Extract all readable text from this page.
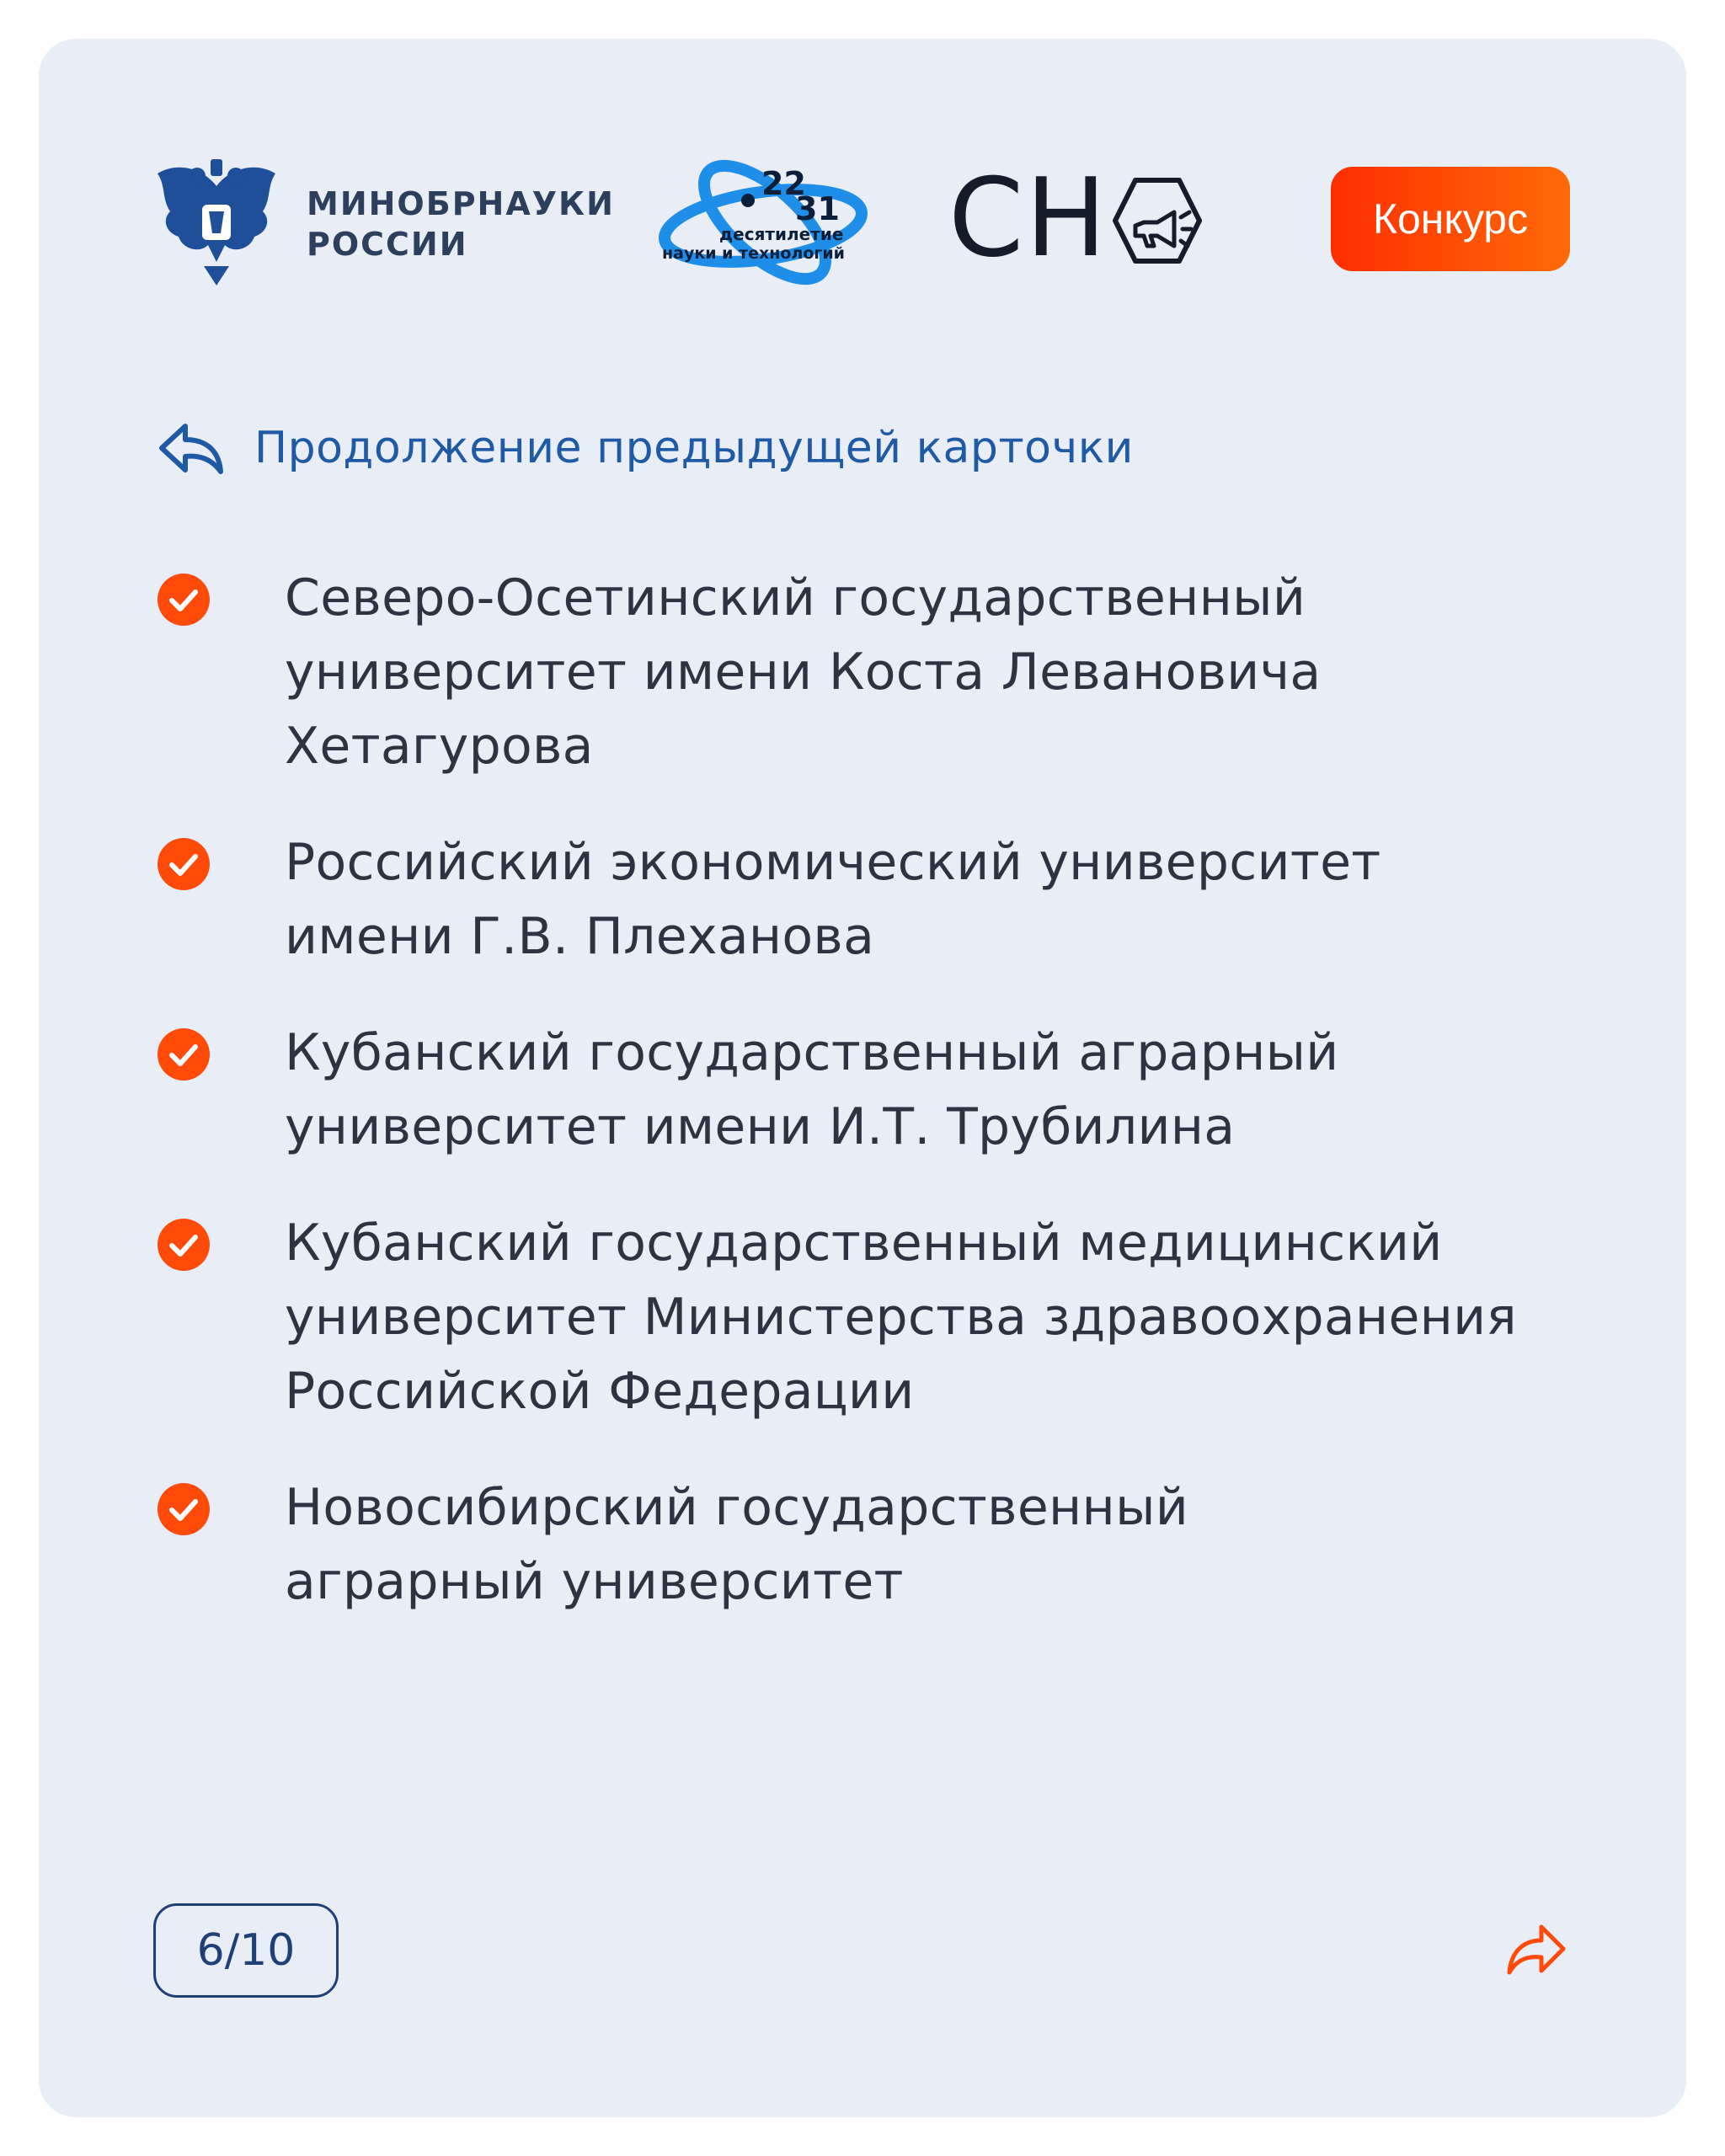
МИНОБРНАУКИ
РОССИИ
22
31
десятилетие
науки и технологий СН	Конкурс
Продолжение предыдущей карточки
Северо-Осетинский государственный
университет имени Коста Левановича
Хетагурова
Российский экономический университет
имени Г.В. Плеханова
Кубанский государственный аграрный
университет имени И.Т. Трубилина
Кубанский государственный медицинский
университет Министерства здравоохранения
Российской Федерации
Новосибирский государственный
аграрный университет
6/10
